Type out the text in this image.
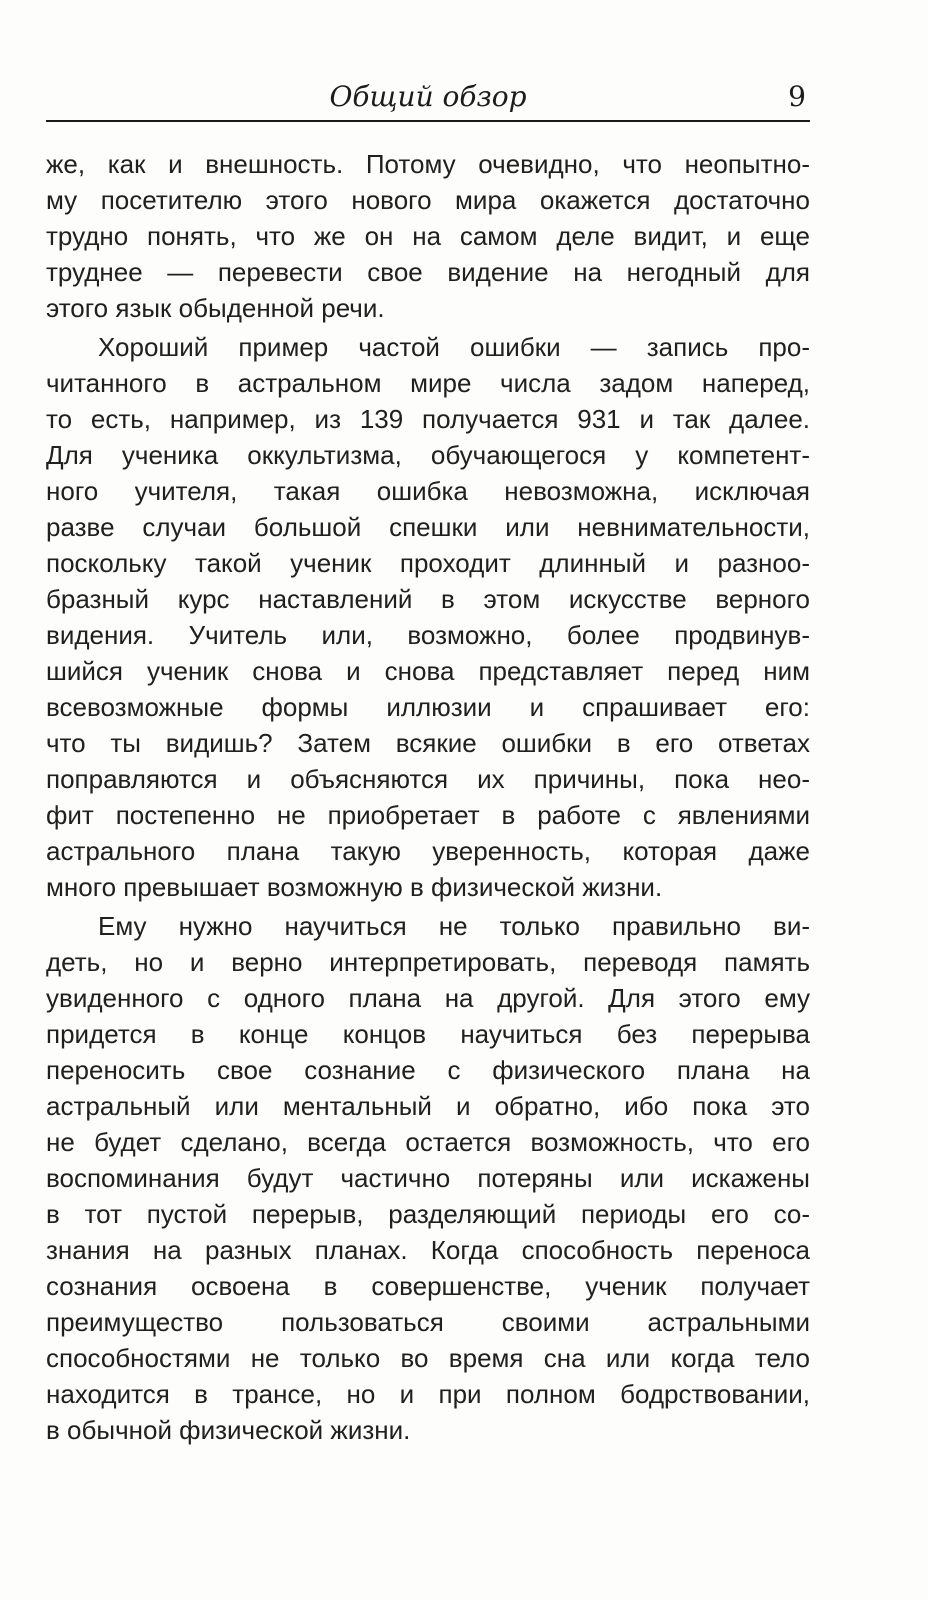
Общий обзор	9
же, как и внешность. Потому очевидно, что неопытно-
му посетителю этого нового мира окажется достаточно
трудно понять, что же он на самом деле видит, и еще
труднее — перевести свое видение на негодный для
этого язык обыденной речи.
Хороший пример частой ошибки — запись про-
читанного в астральном мире числа задом наперед,
то есть, например, из 139 получается 931 и так далее.
Для ученика оккультизма, обучающегося у компетент-
ного учителя, такая ошибка невозможна, исключая
разве случаи большой спешки или невнимательности,
поскольку такой ученик проходит длинный и разноо-
бразный курс наставлений в этом искусстве верного
видения. Учитель или, возможно, более продвинув-
шийся ученик снова и снова представляет перед ним
всевозможные формы иллюзии и спрашивает его:
что ты видишь? Затем всякие ошибки в его ответах
поправляются и объясняются их причины, пока нео-
фит постепенно не приобретает в работе с явлениями
астрального плана такую уверенность, которая даже
много превышает возможную в физической жизни.
Ему нужно научиться не только правильно ви-
деть, но и верно интерпретировать, переводя память
увиденного с одного плана на другой. Для этого ему
придется в конце концов научиться без перерыва
переносить свое сознание с физического плана на
астральный или ментальный и обратно, ибо пока это
не будет сделано, всегда остается возможность, что его
воспоминания будут частично потеряны или искажены
в тот пустой перерыв, разделяющий периоды его со-
знания на разных планах. Когда способность переноса
сознания освоена в совершенстве, ученик получает
преимущество пользоваться своими астральными
способностями не только во время сна или когда тело
находится в трансе, но и при полном бодрствовании,
в обычной физической жизни.
